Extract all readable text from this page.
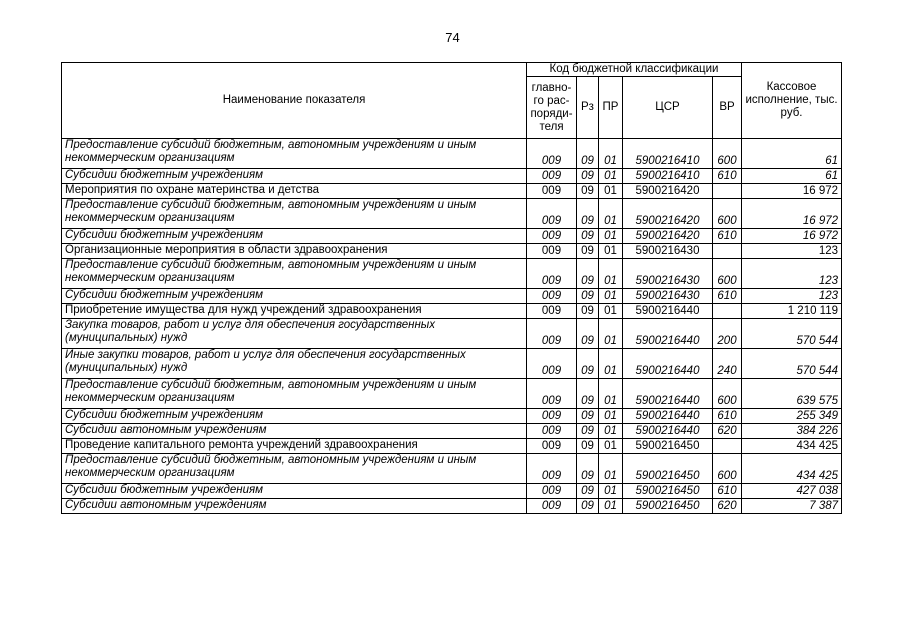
74
Наименование показателя	Код бюджетной классификации					Кассовое исполнение, тыс. руб.
	главно-го рас-поряди-теля	Рз	ПР	ЦСР	ВР	
Предоставление субсидий бюджетным, автономным учреждениям и иным некоммерческим организациям	009	09	01	5900216410	600	61
Субсидии бюджетным учреждениям	009	09	01	5900216410	610	61
Мероприятия по охране материнства и детства	009	09	01	5900216420		16 972
Предоставление субсидий бюджетным, автономным учреждениям и иным некоммерческим организациям	009	09	01	5900216420	600	16 972
Субсидии бюджетным учреждениям	009	09	01	5900216420	610	16 972
Организационные мероприятия в области здравоохранения	009	09	01	5900216430		123
Предоставление субсидий бюджетным, автономным учреждениям и иным некоммерческим организациям	009	09	01	5900216430	600	123
Субсидии бюджетным учреждениям	009	09	01	5900216430	610	123
Приобретение имущества для нужд учреждений здравоохранения	009	09	01	5900216440		1 210 119
Закупка товаров, работ и услуг для обеспечения государственных (муниципальных) нужд	009	09	01	5900216440	200	570 544
Иные закупки товаров, работ и услуг для обеспечения государственных (муниципальных) нужд	009	09	01	5900216440	240	570 544
Предоставление субсидий бюджетным, автономным учреждениям и иным некоммерческим организациям	009	09	01	5900216440	600	639 575
Субсидии бюджетным учреждениям	009	09	01	5900216440	610	255 349
Субсидии автономным учреждениям	009	09	01	5900216440	620	384 226
Проведение капитального ремонта учреждений здравоохранения	009	09	01	5900216450		434 425
Предоставление субсидий бюджетным, автономным учреждениям и иным некоммерческим организациям	009	09	01	5900216450	600	434 425
Субсидии бюджетным учреждениям	009	09	01	5900216450	610	427 038
Субсидии автономным учреждениям	009	09	01	5900216450	620	7 387
